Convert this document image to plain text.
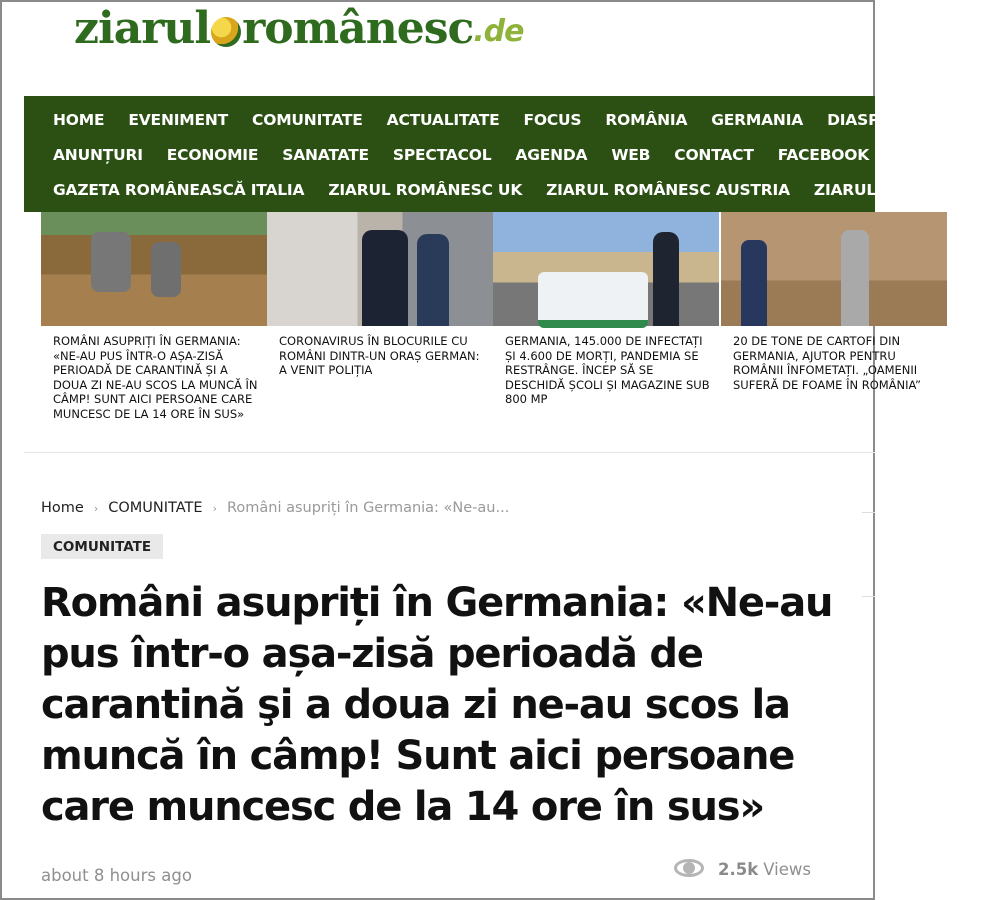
ziarul românesc .de
HOME EVENIMENT COMUNITATE ACTUALITATE FOCUS ROMÂNIA GERMANIA DIASPORA
ANUNȚURI ECONOMIE SANATATE SPECTACOL AGENDA WEB CONTACT FACEBOOK
GAZETA ROMÂNEASCĂ ITALIA ZIARUL ROMÂNESC UK ZIARUL ROMÂNESC AUSTRIA ZIARUL ROMÂNESC
ROMÂNI ASUPRIȚI ÎN GERMANIA: «NE-AU PUS ÎNTR-O AȘA-ZISĂ PERIOADĂ DE CARANTINĂ ȘI A DOUA ZI NE-AU SCOS LA MUNCĂ ÎN CÂMP! SUNT AICI PERSOANE CARE MUNCESC DE LA 14 ORE ÎN SUS»
CORONAVIRUS ÎN BLOCURILE CU ROMÂNI DINTR-UN ORAȘ GERMAN: A VENIT POLIȚIA
GERMANIA, 145.000 DE INFECTAȚI ȘI 4.600 DE MORȚI, PANDEMIA SE RESTRÂNGE. ÎNCEP SĂ SE DESCHIDĂ ȘCOLI ȘI MAGAZINE SUB 800 MP
20 DE TONE DE CARTOFI DIN GERMANIA, AJUTOR PENTRU ROMÂNII ÎNFOMETAȚI. „OAMENII SUFERĂ DE FOAME ÎN ROMÂNIA”
Home › COMUNITATE › Români asupriți în Germania: «Ne-au...
COMUNITATE
Români asupriți în Germania: «Ne-au pus într-o așa-zisă perioadă de carantină şi a doua zi ne-au scos la muncă în câmp! Sunt aici persoane care muncesc de la 14 ore în sus»
about 8 hours ago	2.5k Views
